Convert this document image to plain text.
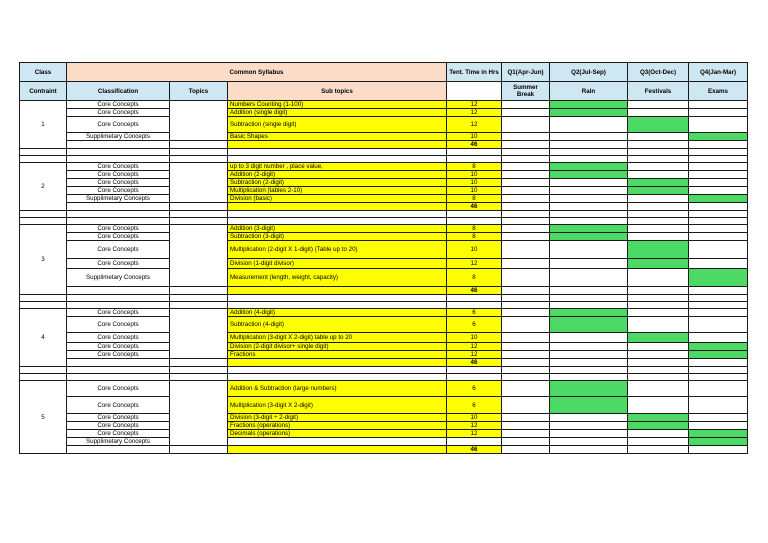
Class	Common Syllabus			Tent. Time in Hrs	Q1(Apr-Jun)	Q2(Jul-Sep)	Q3(Oct-Dec)	Q4(Jan-Mar)
Contraint	Classification	Topics	Sub topics		Summer Break	Rain	Festivals	Exams
1	Core Concepts		Numbers Counting (1-100)	12				
	Core Concepts		Addition (single digit)	12				
	Core Concepts		Subtraction (single digit)	12				
	Supplimetary Concepts		Basic Shapes	10				
				46				

2	Core Concepts		up to 3 digit number , place value,	8				
	Core Concepts		Addition (2-digit)	10				
	Core Concepts		Subtraction (2-digit)	10				
	Core Concepts		Multiplication (tables 2-10)	10				
	Supplimetary Concepts		Division (basic)	8				
				46				

3	Core Concepts		Addition (3-digit)	8				
	Core Concepts		Subtraction (3-digit)	8				
	Core Concepts		Multiplication (2-digit X 1-digit) (Table up to 20)	10				
	Core Concepts		Division (1-digit divisor)	12				
	Supplimetary Concepts		Measurement (length, weight, capacity)	8				
				46				

4	Core Concepts		Addition (4-digit)	6				
	Core Concepts		Subtraction (4-digit)	6				
	Core Concepts		Multiplication (3-digit X 2-digit) table up to 20	10				
	Core Concepts		Division (2-digit divisor+ single digit)	12				
	Core Concepts		Fractions	12				
				46				

5	Core Concepts		Addition & Subtraction (large numbers)	6				
	Core Concepts		Multiplication (3-digit X 2-digit)	6				
	Core Concepts		Division (3-digit ÷ 2-digit)	10				
	Core Concepts		Fractions (operations)	12				
	Core Concepts		Decimals (operations)	12				
	Supplimetary Concepts							
				46				
